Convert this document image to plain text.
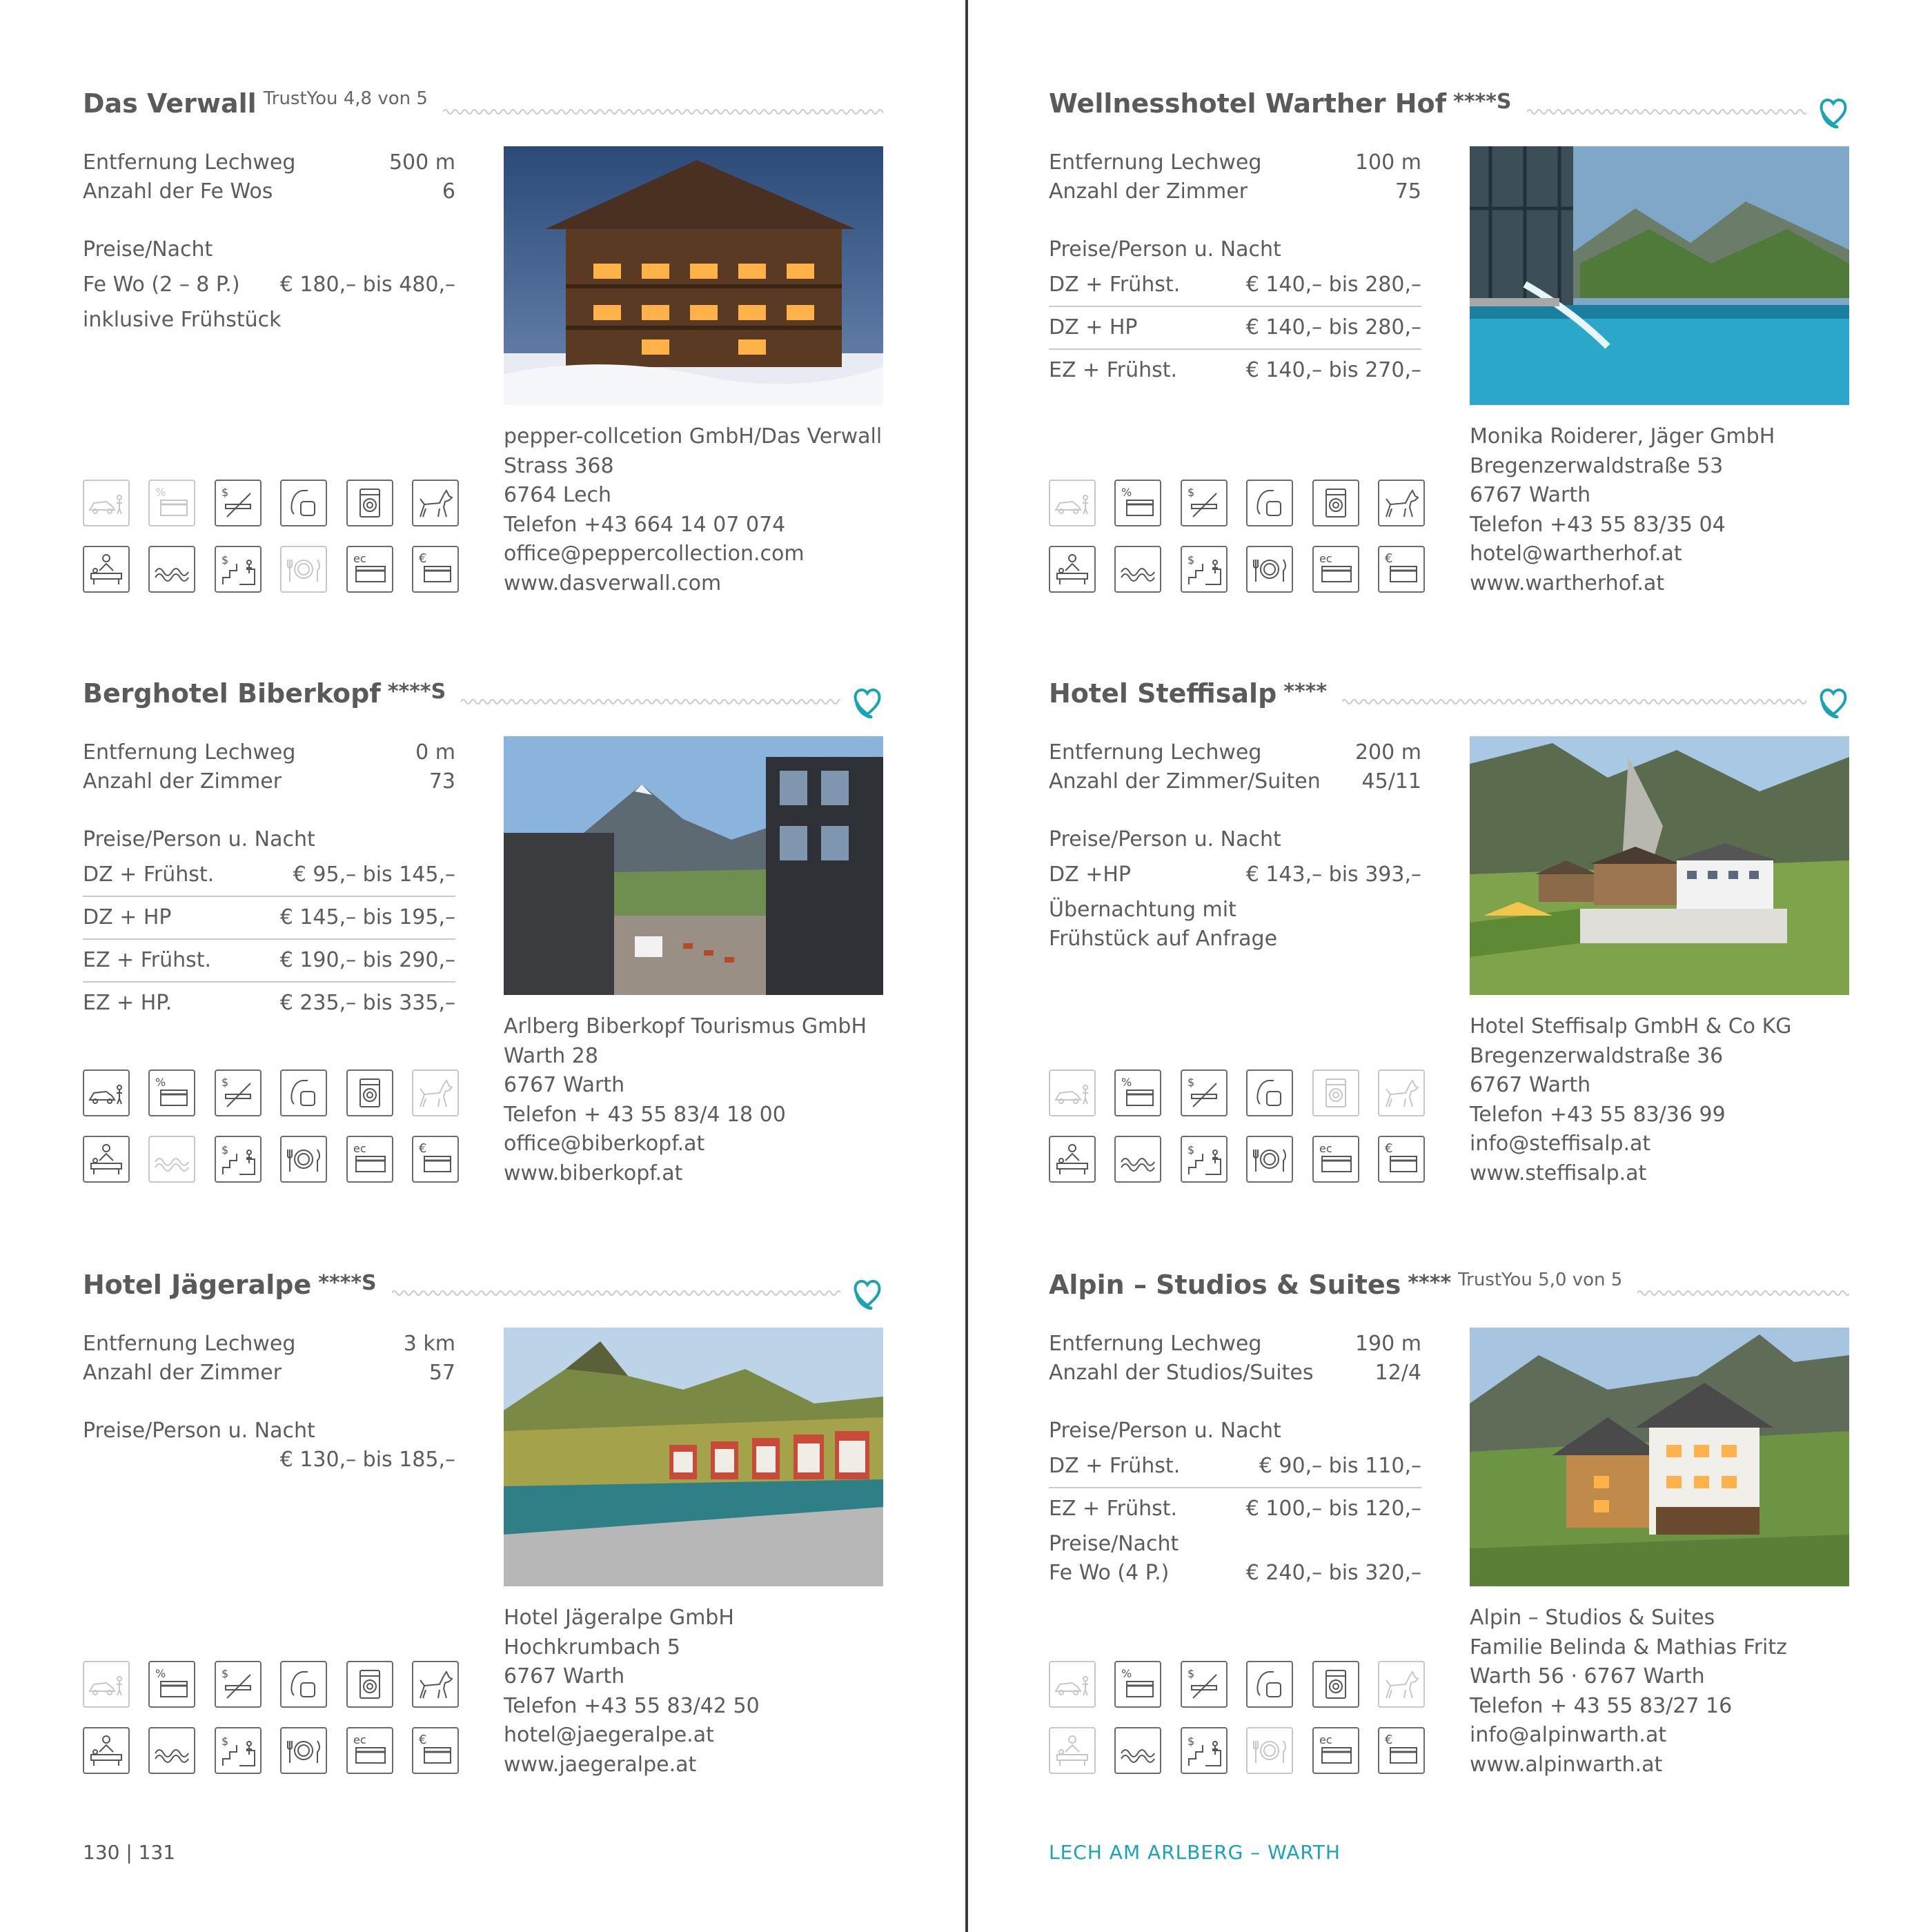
Das Verwall $^{TrustYou 4,8 von 5}$
Entfernung Lechweg	500 m
Anzahl der Fe Wos	6
Preise/Nacht
Fe Wo (2 – 8 P.) € 180,– bis 480,–
inklusive Frühstück
%	$
$	ec	€
pepper-collcetion GmbH/Das Verwall
Strass 368
6764 Lech
Telefon +43 664 14 07 074
office@peppercollection.com
www.dasverwall.com
Wellnesshotel Warther Hof ****S
Entfernung Lechweg	100 m
Anzahl der Zimmer	75
Preise/Person u. Nacht
DZ + Frühst.	€ 140,– bis 280,–
DZ + HP	€ 140,– bis 280,–
EZ + Frühst.	€ 140,– bis 270,–
%	$
$	ec	€
Monika Roiderer, Jäger GmbH
Bregenzerwaldstraße 53
6767 Warth
Telefon +43 55 83/35 04
hotel@wartherhof.at
www.wartherhof.at
Berghotel Biberkopf ****S
Entfernung Lechweg	0 m
Anzahl der Zimmer	73
Preise/Person u. Nacht
DZ + Frühst.	€ 95,– bis 145,–
DZ + HP	€ 145,– bis 195,–
EZ + Frühst.	€ 190,– bis 290,–
EZ + HP.	€ 235,– bis 335,–
%	$
$	ec	€
Arlberg Biberkopf Tourismus GmbH
Warth 28
6767 Warth
Telefon + 43 55 83/4 18 00
office@biberkopf.at
www.biberkopf.at
Hotel Steffisalp ****
Entfernung Lechweg	200 m
Anzahl der Zimmer/Suiten 45/11
Preise/Person u. Nacht
DZ +HP	€ 143,– bis 393,–
Übernachtung mit
Frühstück auf Anfrage
%	$
$	ec	€
Hotel Steffisalp GmbH & Co KG
Bregenzerwaldstraße 36
6767 Warth
Telefon +43 55 83/36 99
info@steffisalp.at
www.steffisalp.at
Hotel Jägeralpe ****S
Entfernung Lechweg	3 km
Anzahl der Zimmer	57
Preise/Person u. Nacht
€ 130,– bis 185,–
%	$
$	ec	€
Hotel Jägeralpe GmbH
Hochkrumbach 5
6767 Warth
Telefon +43 55 83/42 50
hotel@jaegeralpe.at
www.jaegeralpe.at
Alpin – Studios & Suites **** $^{TrustYou 5,0 von 5}$
Entfernung Lechweg	190 m
Anzahl der Studios/Suites	12/4
Preise/Person u. Nacht
DZ + Frühst.	€ 90,– bis 110,–
EZ + Frühst.	€ 100,– bis 120,–
Preise/Nacht
Fe Wo (4 P.)	€ 240,– bis 320,–
%	$
$	ec	€
Alpin – Studios & Suites
Familie Belinda & Mathias Fritz
Warth 56 · 6767 Warth
Telefon + 43 55 83/27 16
info@alpinwarth.at
www.alpinwarth.at
130 | 131	LECH AM ARLBERG – WARTH
